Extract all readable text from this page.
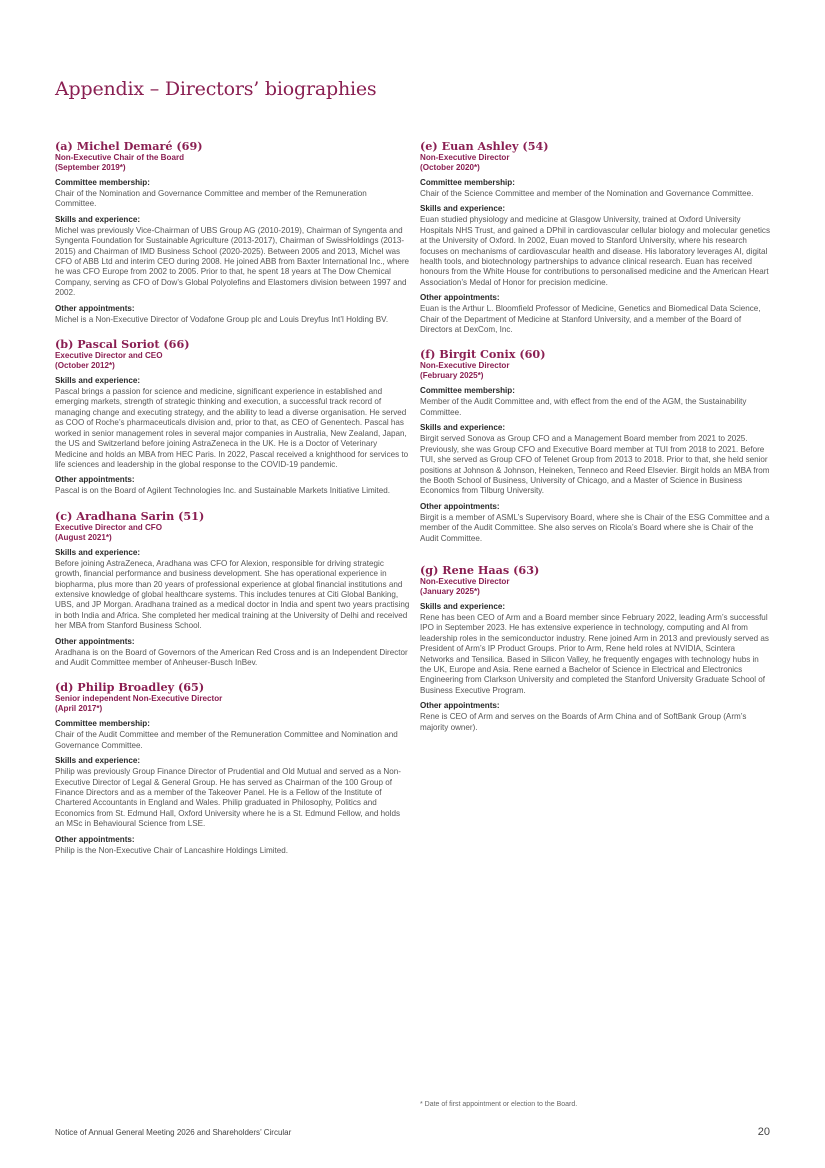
Appendix – Directors’ biographies
(a) Michel Demaré (69)
Non-Executive Chair of the Board
(September 2019*)
Committee membership:
Chair of the Nomination and Governance Committee and member of the Remuneration Committee.
Skills and experience:
Michel was previously Vice-Chairman of UBS Group AG (2010-2019), Chairman of Syngenta and Syngenta Foundation for Sustainable Agriculture (2013-2017), Chairman of SwissHoldings (2013-2015) and Chairman of IMD Business School (2020-2025). Between 2005 and 2013, Michel was CFO of ABB Ltd and interim CEO during 2008. He joined ABB from Baxter International Inc., where he was CFO Europe from 2002 to 2005. Prior to that, he spent 18 years at The Dow Chemical Company, serving as CFO of Dow’s Global Polyolefins and Elastomers division between 1997 and 2002.
Other appointments:
Michel is a Non-Executive Director of Vodafone Group plc and Louis Dreyfus Int’l Holding BV.
(b) Pascal Soriot (66)
Executive Director and CEO
(October 2012*)
Skills and experience:
Pascal brings a passion for science and medicine, significant experience in established and emerging markets, strength of strategic thinking and execution, a successful track record of managing change and executing strategy, and the ability to lead a diverse organisation. He served as COO of Roche’s pharmaceuticals division and, prior to that, as CEO of Genentech. Pascal has worked in senior management roles in several major companies in Australia, New Zealand, Japan, the US and Switzerland before joining AstraZeneca in the UK. He is a Doctor of Veterinary Medicine and holds an MBA from HEC Paris. In 2022, Pascal received a knighthood for services to life sciences and leadership in the global response to the COVID-19 pandemic.
Other appointments:
Pascal is on the Board of Agilent Technologies Inc. and Sustainable Markets Initiative Limited.
(c) Aradhana Sarin (51)
Executive Director and CFO
(August 2021*)
Skills and experience:
Before joining AstraZeneca, Aradhana was CFO for Alexion, responsible for driving strategic growth, financial performance and business development. She has operational experience in biopharma, plus more than 20 years of professional experience at global financial institutions and extensive knowledge of global healthcare systems. This includes tenures at Citi Global Banking, UBS, and JP Morgan. Aradhana trained as a medical doctor in India and spent two years practising in both India and Africa. She completed her medical training at the University of Delhi and received her MBA from Stanford Business School.
Other appointments:
Aradhana is on the Board of Governors of the American Red Cross and is an Independent Director and Audit Committee member of Anheuser-Busch InBev.
(d) Philip Broadley (65)
Senior independent Non-Executive Director
(April 2017*)
Committee membership:
Chair of the Audit Committee and member of the Remuneration Committee and Nomination and Governance Committee.
Skills and experience:
Philip was previously Group Finance Director of Prudential and Old Mutual and served as a Non-Executive Director of Legal & General Group. He has served as Chairman of the 100 Group of Finance Directors and as a member of the Takeover Panel. He is a Fellow of the Institute of Chartered Accountants in England and Wales. Philip graduated in Philosophy, Politics and Economics from St. Edmund Hall, Oxford University where he is a St. Edmund Fellow, and holds an MSc in Behavioural Science from LSE.
Other appointments:
Philip is the Non-Executive Chair of Lancashire Holdings Limited.
(e) Euan Ashley (54)
Non-Executive Director
(October 2020*)
Committee membership:
Chair of the Science Committee and member of the Nomination and Governance Committee.
Skills and experience:
Euan studied physiology and medicine at Glasgow University, trained at Oxford University Hospitals NHS Trust, and gained a DPhil in cardiovascular cellular biology and molecular genetics at the University of Oxford. In 2002, Euan moved to Stanford University, where his research focuses on mechanisms of cardiovascular health and disease. His laboratory leverages AI, digital health tools, and biotechnology partnerships to advance clinical research. Euan has received honours from the White House for contributions to personalised medicine and the American Heart Association’s Medal of Honor for precision medicine.
Other appointments:
Euan is the Arthur L. Bloomfield Professor of Medicine, Genetics and Biomedical Data Science, Chair of the Department of Medicine at Stanford University, and a member of the Board of Directors at DexCom, Inc.
(f) Birgit Conix (60)
Non-Executive Director
(February 2025*)
Committee membership:
Member of the Audit Committee and, with effect from the end of the AGM, the Sustainability Committee.
Skills and experience:
Birgit served Sonova as Group CFO and a Management Board member from 2021 to 2025. Previously, she was Group CFO and Executive Board member at TUI from 2018 to 2021. Before TUI, she served as Group CFO of Telenet Group from 2013 to 2018. Prior to that, she held senior positions at Johnson & Johnson, Heineken, Tenneco and Reed Elsevier. Birgit holds an MBA from the Booth School of Business, University of Chicago, and a Master of Science in Business Economics from Tilburg University.
Other appointments:
Birgit is a member of ASML’s Supervisory Board, where she is Chair of the ESG Committee and a member of the Audit Committee. She also serves on Ricola’s Board where she is Chair of the Audit Committee.
(g) Rene Haas (63)
Non-Executive Director
(January 2025*)
Skills and experience:
Rene has been CEO of Arm and a Board member since February 2022, leading Arm’s successful IPO in September 2023. He has extensive experience in technology, computing and AI from leadership roles in the semiconductor industry. Rene joined Arm in 2013 and previously served as President of Arm’s IP Product Groups. Prior to Arm, Rene held roles at NVIDIA, Scintera Networks and Tensilica. Based in Silicon Valley, he frequently engages with technology hubs in the UK, Europe and Asia. Rene earned a Bachelor of Science in Electrical and Electronics Engineering from Clarkson University and completed the Stanford University Graduate School of Business Executive Program.
Other appointments:
Rene is CEO of Arm and serves on the Boards of Arm China and of SoftBank Group (Arm’s majority owner).
* Date of first appointment or election to the Board.
Notice of Annual General Meeting 2026 and Shareholders’ Circular	20
